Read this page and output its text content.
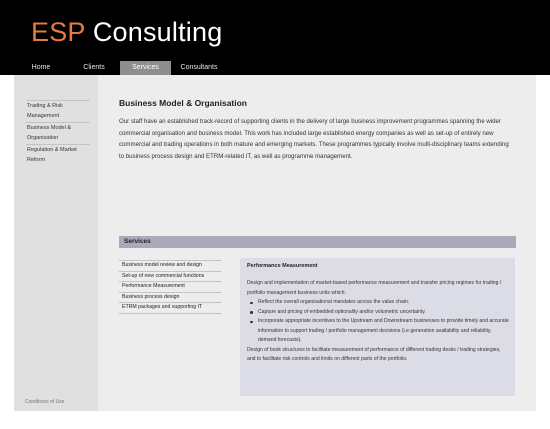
ESP Consulting
Home	Clients	Services	Consultants
Trading & Risk
Management
Business Model &
Organisation
Regulation & Market
Reform
Conditions of Use
Business Model & Organisation

Our staff have an established track-record of supporting clients in the delivery of large business improvement programmes spanning the wider commercial organisation and business model. This work has included large established energy companies as well as set-up of entirely new commercial and trading operations in both mature and emerging markets. These programmes typically involve multi-disciplinary teams extending to business process design and ETRM-related IT, as well as programme management.

Services
Business model review and design
Set-up of new commercial functions
Performance Measurement
Business process design
ETRM packages and supporting IT
Performance Measurement

Design and implementation of market-based performance measurement and transfer pricing regimes for trading / portfolio management business units which:

Reflect the overall organisational mandates across the value chain.
Capture and pricing of embedded optionality and/or volumetric uncertainty.
Incorporate appropriate incentives to the Upstream and Downstream businesses to provide timely and accurate information to support trading / portfolio management decisions (i.e generation availability and reliability, demand forecasts).

Design of book structures to facilitate measurement of performance of different trading desks / trading strategies, and to facilitate risk controls and limits on different parts of the portfolio.
